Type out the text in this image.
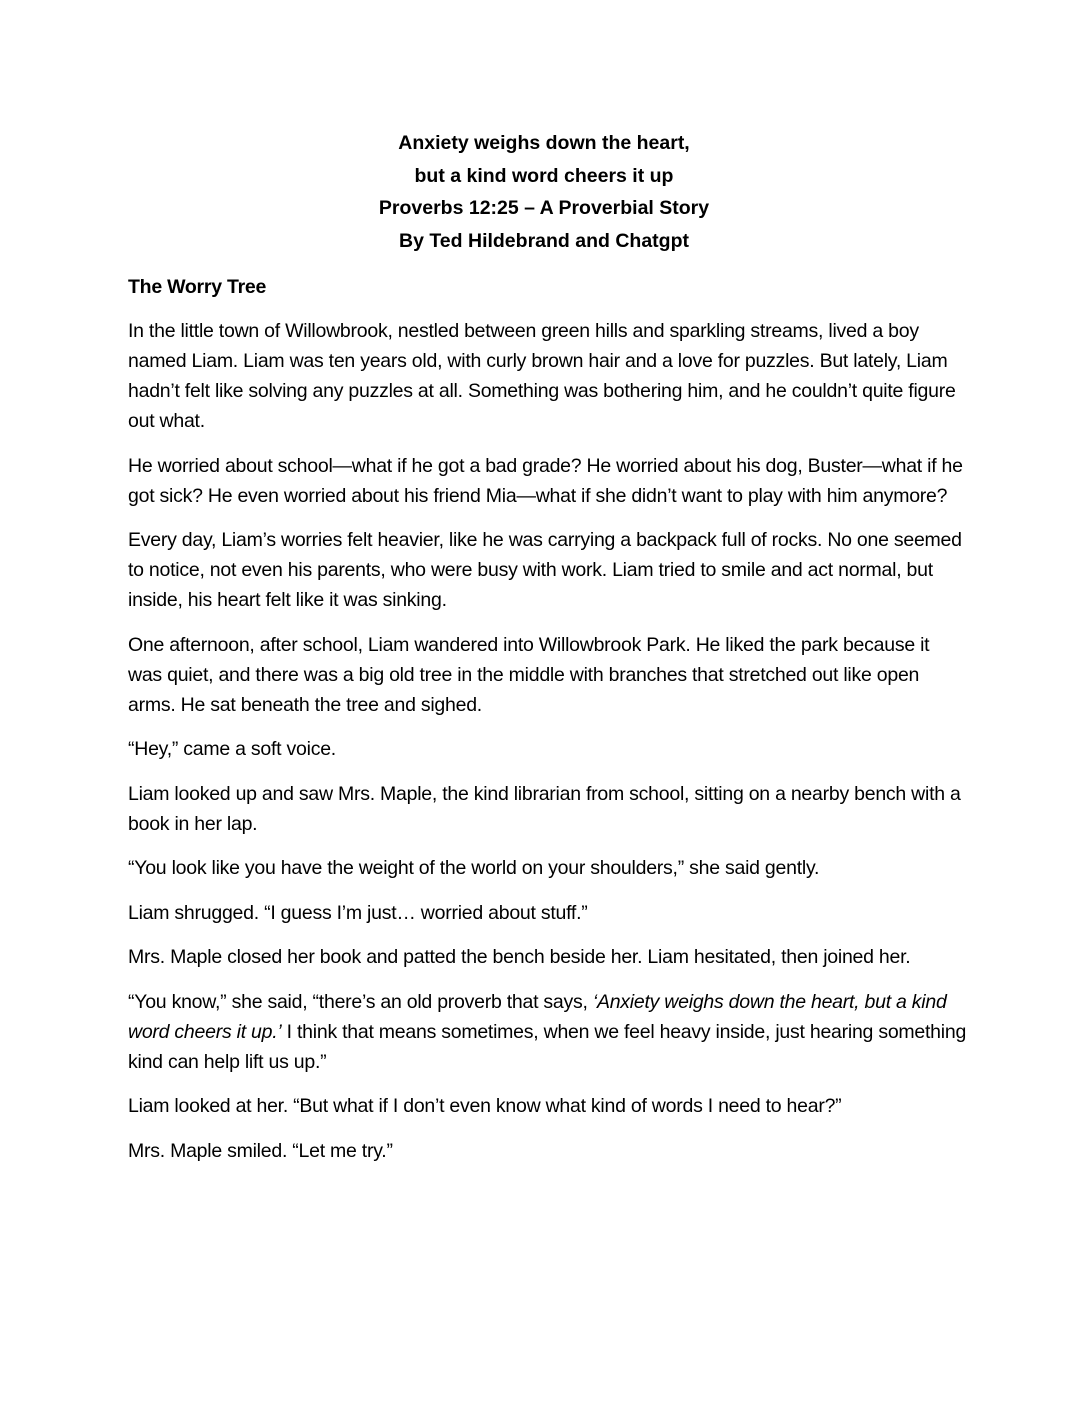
Anxiety weighs down the heart,
but a kind word cheers it up
Proverbs 12:25 – A Proverbial Story
By Ted Hildebrand and Chatgpt

The Worry Tree

In the little town of Willowbrook, nestled between green hills and sparkling streams, lived a boy named Liam. Liam was ten years old, with curly brown hair and a love for puzzles. But lately, Liam hadn’t felt like solving any puzzles at all. Something was bothering him, and he couldn’t quite figure out what.

He worried about school—what if he got a bad grade? He worried about his dog, Buster—what if he got sick? He even worried about his friend Mia—what if she didn’t want to play with him anymore?

Every day, Liam’s worries felt heavier, like he was carrying a backpack full of rocks. No one seemed to notice, not even his parents, who were busy with work. Liam tried to smile and act normal, but inside, his heart felt like it was sinking.

One afternoon, after school, Liam wandered into Willowbrook Park. He liked the park because it was quiet, and there was a big old tree in the middle with branches that stretched out like open arms. He sat beneath the tree and sighed.

“Hey,” came a soft voice.

Liam looked up and saw Mrs. Maple, the kind librarian from school, sitting on a nearby bench with a book in her lap.

“You look like you have the weight of the world on your shoulders,” she said gently.

Liam shrugged. “I guess I’m just… worried about stuff.”

Mrs. Maple closed her book and patted the bench beside her. Liam hesitated, then joined her.

“You know,” she said, “there’s an old proverb that says, ‘Anxiety weighs down the heart, but a kind word cheers it up.’ I think that means sometimes, when we feel heavy inside, just hearing something kind can help lift us up.”

Liam looked at her. “But what if I don’t even know what kind of words I need to hear?”

Mrs. Maple smiled. “Let me try.”
